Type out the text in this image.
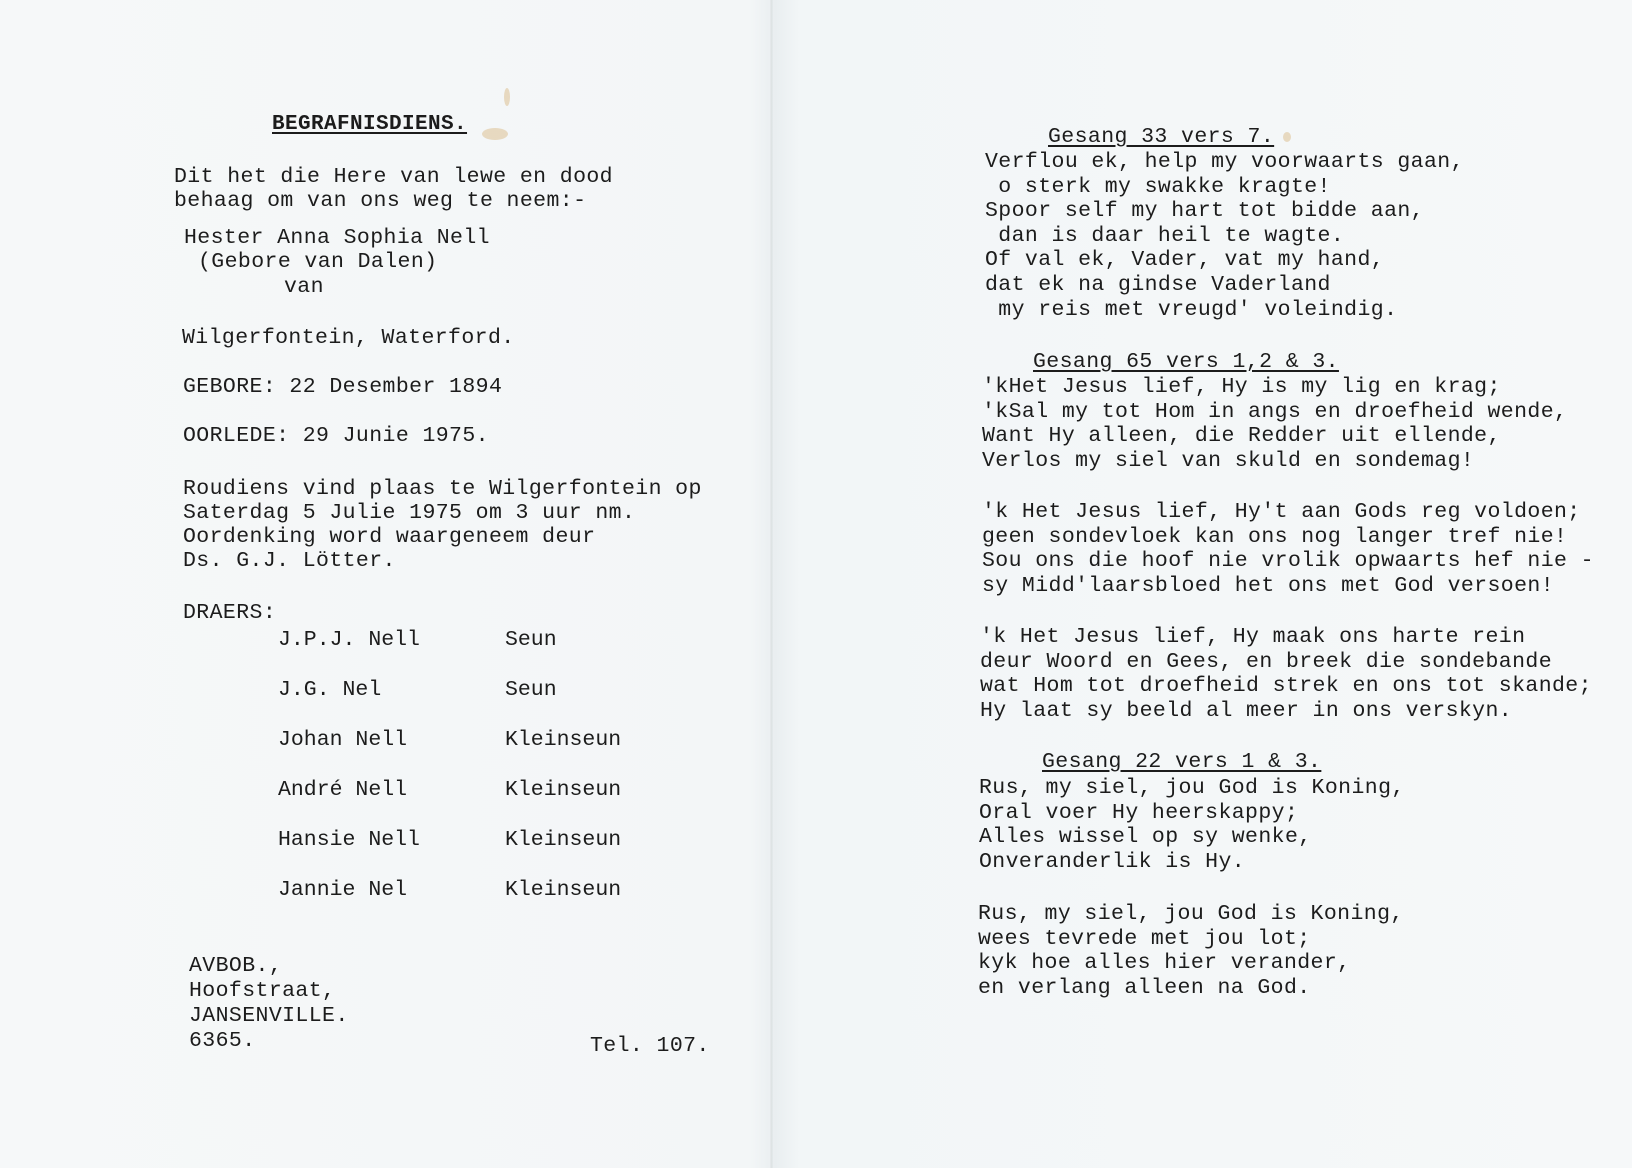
BEGRAFNISDIENS.
Dit het die Here van lewe en dood
behaag om van ons weg te neem:-
Hester Anna Sophia Nell
(Gebore van Dalen)
van
Wilgerfontein, Waterford.
GEBORE: 22 Desember 1894
OORLEDE: 29 Junie 1975.
Roudiens vind plaas te Wilgerfontein op
Saterdag 5 Julie 1975 om 3 uur nm.
Oordenking word waargeneem deur
Ds. G.J. Lötter.
DRAERS:
J.P.J. Nell	Seun
J.G. Nel	Seun
Johan Nell	Kleinseun
André Nell	Kleinseun
Hansie Nell	Kleinseun
Jannie Nel	Kleinseun
AVBOB.,
Hoofstraat,
JANSENVILLE.
6365.	Tel. 107.
Gesang 33 vers 7.
Verflou ek, help my voorwaarts gaan,
o sterk my swakke kragte!
Spoor self my hart tot bidde aan,
dan is daar heil te wagte.
Of val ek, Vader, vat my hand,
dat ek na gindse Vaderland
my reis met vreugd' voleindig.
Gesang 65 vers 1,2 & 3.
'kHet Jesus lief, Hy is my lig en krag;
'kSal my tot Hom in angs en droefheid wende,
Want Hy alleen, die Redder uit ellende,
Verlos my siel van skuld en sondemag!
'k Het Jesus lief, Hy't aan Gods reg voldoen;
geen sondevloek kan ons nog langer tref nie!
Sou ons die hoof nie vrolik opwaarts hef nie -
sy Midd'laarsbloed het ons met God versoen!
'k Het Jesus lief, Hy maak ons harte rein
deur Woord en Gees, en breek die sondebande
wat Hom tot droefheid strek en ons tot skande;
Hy laat sy beeld al meer in ons verskyn.
Gesang 22 vers 1 & 3.
Rus, my siel, jou God is Koning,
Oral voer Hy heerskappy;
Alles wissel op sy wenke,
Onveranderlik is Hy.
Rus, my siel, jou God is Koning,
wees tevrede met jou lot;
kyk hoe alles hier verander,
en verlang alleen na God.
